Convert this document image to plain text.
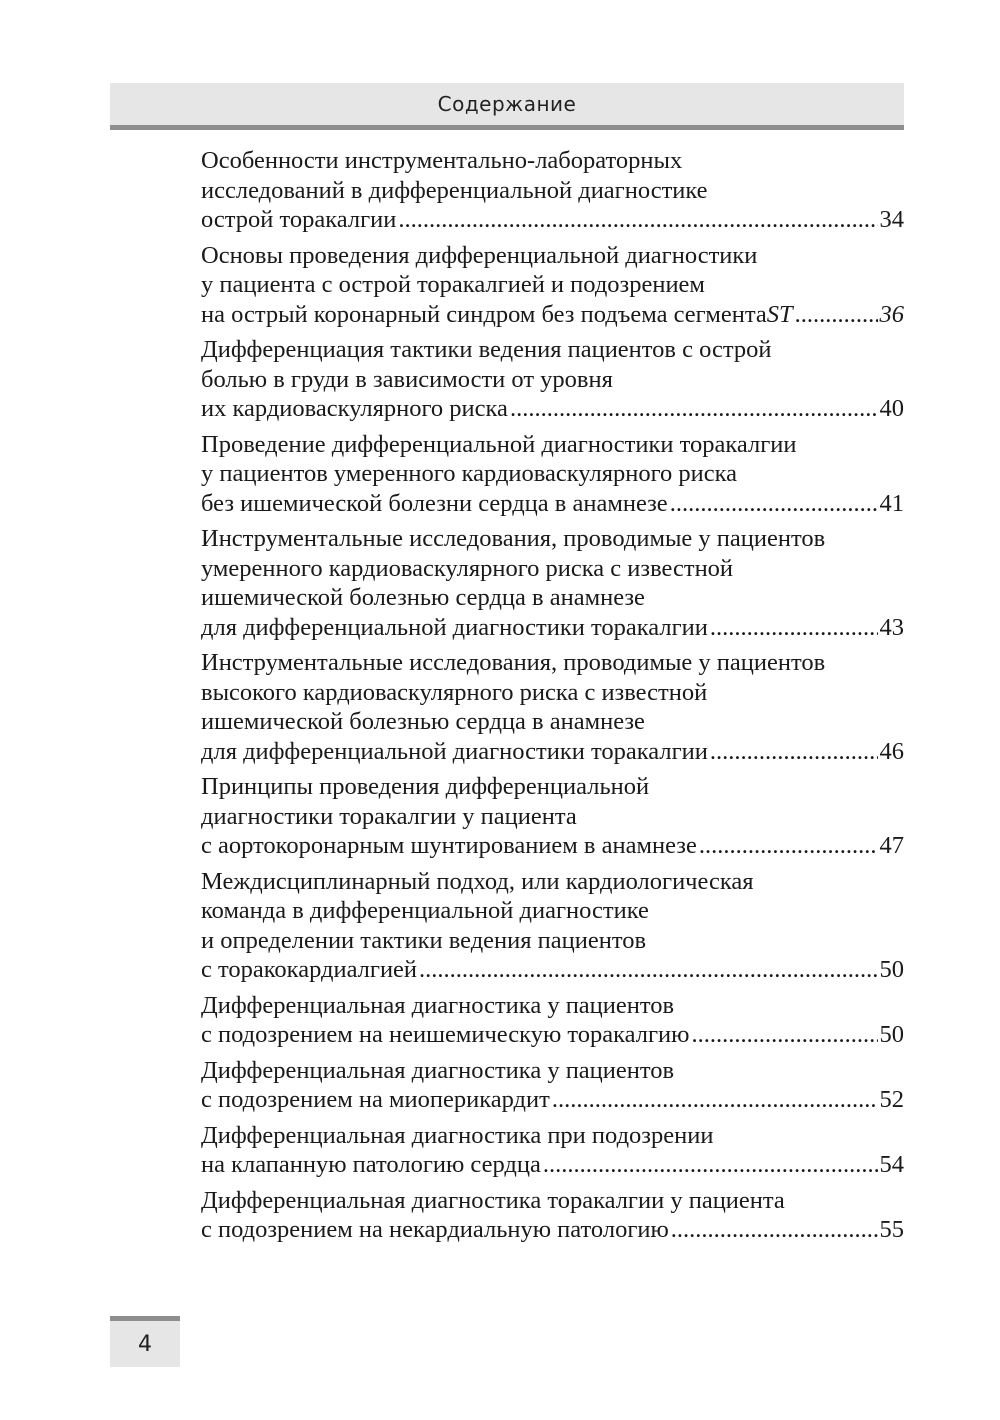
Содержание
Особенности инструментально-лабораторных
исследований в дифференциальной диагностике
острой торакалгии .....	34
Основы проведения дифференциальной диагностики
у пациента с острой торакалгией и подозрением
на острый коронарный синдром без подъема сегмента ST .....	36
Дифференциация тактики ведения пациентов с острой
болью в груди в зависимости от уровня
их кардиоваскулярного риска .....	40
Проведение дифференциальной диагностики торакалгии
у пациентов умеренного кардиоваскулярного риска
без ишемической болезни сердца в анамнезе .....	41
Инструментальные исследования, проводимые у пациентов
умеренного кардиоваскулярного риска с известной
ишемической болезнью сердца в анамнезе
для дифференциальной диагностики торакалгии .....	43
Инструментальные исследования, проводимые у пациентов
высокого кардиоваскулярного риска с известной
ишемической болезнью сердца в анамнезе
для дифференциальной диагностики торакалгии .....	46
Принципы проведения дифференциальной
диагностики торакалгии у пациента
с аортокоронарным шунтированием в анамнезе .....	47
Междисциплинарный подход, или кардиологическая
команда в дифференциальной диагностике
и определении тактики ведения пациентов
с торакокардиалгией .....	50
Дифференциальная диагностика у пациентов
с подозрением на неишемическую торакалгию .....	50
Дифференциальная диагностика у пациентов
с подозрением на миоперикардит .....	52
Дифференциальная диагностика при подозрении
на клапанную патологию сердца .....	54
Дифференциальная диагностика торакалгии у пациента
с подозрением на некардиальную патологию .....	55
4
